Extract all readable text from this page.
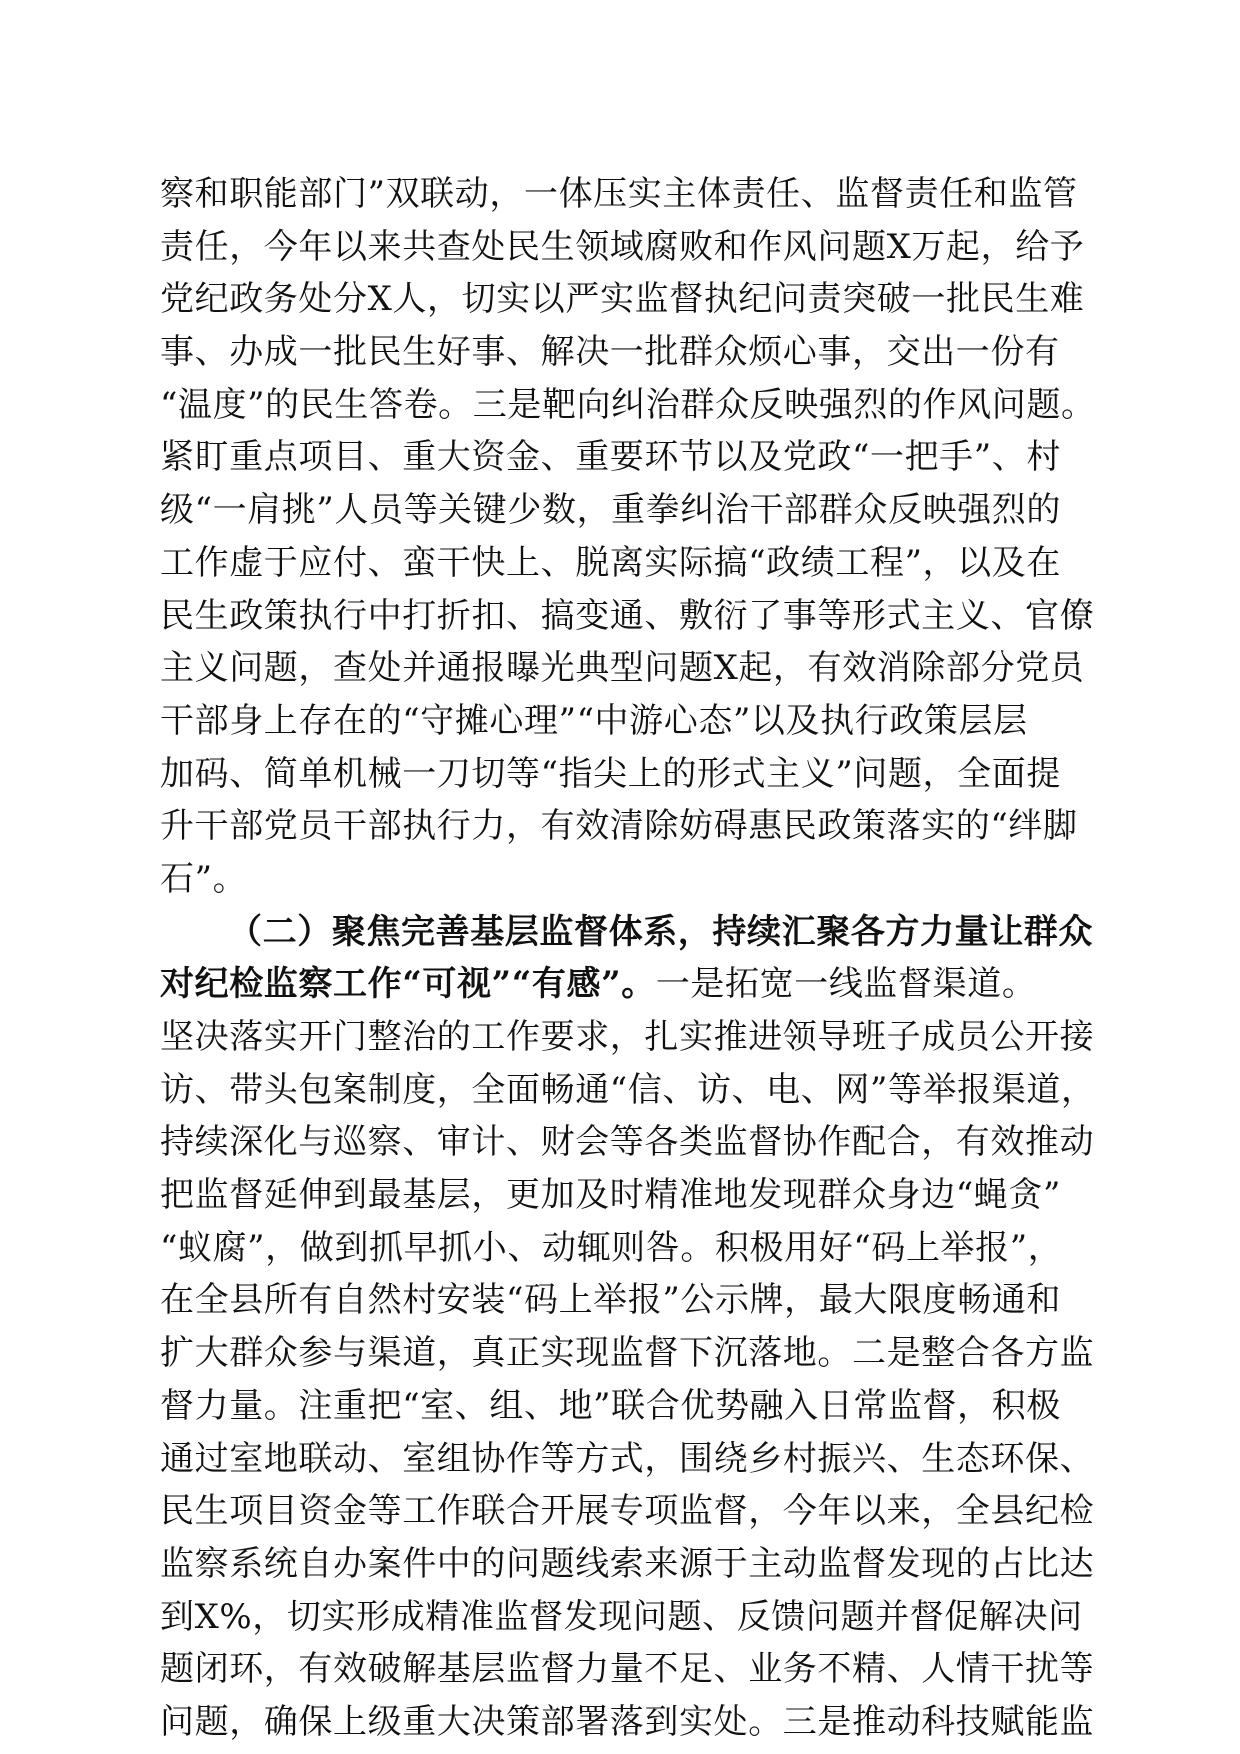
察和职能部门”双联动，一体压实主体责任、监督责任和监管
责任，今年以来共查处民生领域腐败和作风问题X万起，给予
党纪政务处分X人，切实以严实监督执纪问责突破一批民生难
事、办成一批民生好事、解决一批群众烦心事，交出一份有
“温度”的民生答卷。三是靶向纠治群众反映强烈的作风问题。
紧盯重点项目、重大资金、重要环节以及党政“一把手”、村
级“一肩挑”人员等关键少数，重拳纠治干部群众反映强烈的
工作虚于应付、蛮干快上、脱离实际搞“政绩工程”，以及在
民生政策执行中打折扣、搞变通、敷衍了事等形式主义、官僚
主义问题，查处并通报曝光典型问题X起，有效消除部分党员
干部身上存在的“守摊心理”“中游心态”以及执行政策层层
加码、简单机械一刀切等“指尖上的形式主义”问题，全面提
升干部党员干部执行力，有效清除妨碍惠民政策落实的“绊脚
石”。
（二）聚焦完善基层监督体系，持续汇聚各方力量让群众
对纪检监察工作“可视”“有感”。一是拓宽一线监督渠道。
坚决落实开门整治的工作要求，扎实推进领导班子成员公开接
访、带头包案制度，全面畅通“信、访、电、网”等举报渠道，
持续深化与巡察、审计、财会等各类监督协作配合，有效推动
把监督延伸到最基层，更加及时精准地发现群众身边“蝇贪”
“蚁腐”，做到抓早抓小、动辄则咎。积极用好“码上举报”，
在全县所有自然村安装“码上举报”公示牌，最大限度畅通和
扩大群众参与渠道，真正实现监督下沉落地。二是整合各方监
督力量。注重把“室、组、地”联合优势融入日常监督，积极
通过室地联动、室组协作等方式，围绕乡村振兴、生态环保、
民生项目资金等工作联合开展专项监督，今年以来，全县纪检
监察系统自办案件中的问题线索来源于主动监督发现的占比达
到X%，切实形成精准监督发现问题、反馈问题并督促解决问
题闭环，有效破解基层监督力量不足、业务不精、人情干扰等
问题，确保上级重大决策部署落到实处。三是推动科技赋能监
